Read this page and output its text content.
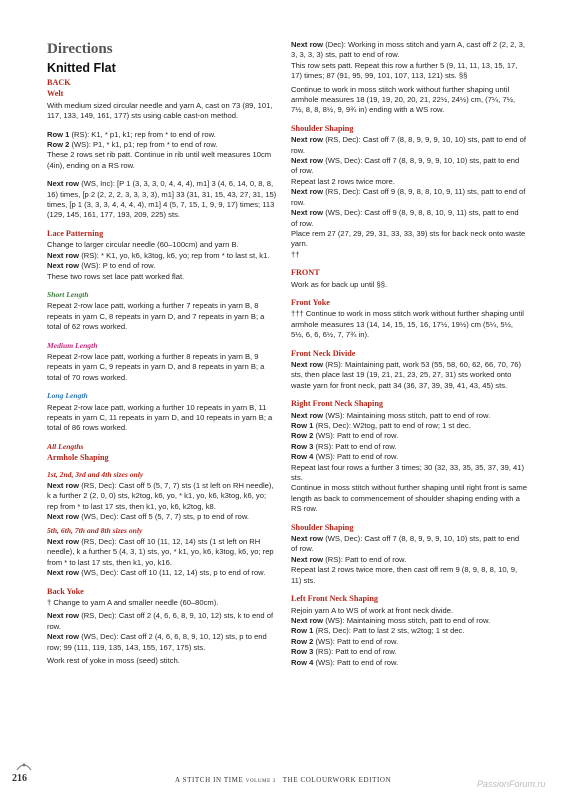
Directions
Knitted Flat
BACK
Welt

With medium sized circular needle and yarn A, cast on 73 (89, 101, 117, 133, 149, 161, 177) sts using cable cast-on method.

Row 1 (RS): K1, * p1, k1; rep from * to end of row.

Row 2 (WS): P1, * k1, p1; rep from * to end of row.

These 2 rows set rib patt. Continue in rib until welt measures 10cm (4in), ending on a RS row.

Next row (WS, Inc): [P 1 (3, 3, 3, 0, 4, 4, 4), m1] 3 (4, 6, 14, 0, 8, 8, 16) times, [p 2 (2, 2, 2, 3, 3, 3, 3), m1] 33 (31, 31, 15, 43, 27, 31, 15) times, [p 1 (3, 3, 3, 4, 4, 4, 4), m1] 4 (5, 7, 15, 1, 9, 9, 17) times; 113 (129, 145, 161, 177, 193, 209, 225) sts.

Lace Patterning

Change to larger circular needle (60–100cm) and yarn B.

Next row (RS): * K1, yo, k6, k3tog, k6, yo; rep from * to last st, k1.

Next row (WS): P to end of row.

These two rows set lace patt worked flat.

Short Length

Repeat 2-row lace patt, working a further 7 repeats in yarn B, 8 repeats in yarn C, 8 repeats in yarn D, and 7 repeats in yarn B; a total of 62 rows worked.

Medium Length

Repeat 2-row lace patt, working a further 8 repeats in yarn B, 9 repeats in yarn C, 9 repeats in yarn D, and 8 repeats in yarn B; a total of 70 rows worked.

Long Length

Repeat 2-row lace patt, working a further 10 repeats in yarn B, 11 repeats in yarn C, 11 repeats in yarn D, and 10 repeats in yarn B; a total of 86 rows worked.

All Lengths
Armhole Shaping
1st, 2nd, 3rd and 4th sizes only

Next row (RS, Dec): Cast off 5 (5, 7, 7) sts (1 st left on RH needle), k a further 2 (2, 0, 0) sts, k2tog, k6, yo, * k1, yo, k6, k3tog, k6, yo; rep from * to last 17 sts, then k1, yo, k6, k2tog, k8.

Next row (WS, Dec): Cast off 5 (5, 7, 7) sts, p to end of row.

5th, 6th, 7th and 8th sizes only

Next row (RS, Dec): Cast off 10 (11, 12, 14) sts (1 st left on RH needle), k a further 5 (4, 3, 1) sts, yo, * k1, yo, k6, k3tog, k6, yo; rep from * to last 17 sts, then k1, yo, k16.

Next row (WS, Dec): Cast off 10 (11, 12, 14) sts, p to end of row.

Back Yoke

† Change to yarn A and smaller needle (60–80cm).

Next row (RS, Dec): Cast off 2 (4, 6, 6, 8, 9, 10, 12) sts, k to end of row.

Next row (WS, Dec): Cast off 2 (4, 6, 6, 8, 9, 10, 12) sts, p to end row; 99 (111, 119, 135, 143, 155, 167, 175) sts.

Work rest of yoke in moss (seed) stitch.

Next row (Dec): Working in moss stitch and yarn A, cast off 2 (2, 2, 3, 3, 3, 3, 3) sts, patt to end of row.

This row sets patt. Repeat this row a further 5 (9, 11, 11, 13, 15, 17, 17) times; 87 (91, 95, 99, 101, 107, 113, 121) sts. §§

Continue to work in moss stitch work without further shaping until armhole measures 18 (19, 19, 20, 20, 21, 22½, 24½) cm, (7¼, 7½, 7½, 8, 8, 8½, 9, 9¾ in) ending with a WS row.

Shoulder Shaping

Next row (RS, Dec): Cast off 7 (8, 8, 9, 9, 9, 10, 10) sts, patt to end of row.

Next row (WS, Dec): Cast off 7 (8, 8, 9, 9, 9, 10, 10) sts, patt to end of row.

Repeat last 2 rows twice more.

Next row (RS, Dec): Cast off 9 (8, 9, 8, 8, 10, 9, 11) sts, patt to end of row.

Next row (WS, Dec): Cast off 9 (8, 9, 8, 8, 10, 9, 11) sts, patt to end of row.

Place rem 27 (27, 29, 29, 31, 33, 33, 39) sts for back neck onto waste yarn.

††

FRONT

Work as for back up until §§.

Front Yoke

††† Continue to work in moss stitch work without further shaping until armhole measures 13 (14, 14, 15, 15, 16, 17½, 19½) cm (5¼, 5½, 5½, 6, 6, 6½, 7, 7¾ in).

Front Neck Divide

Next row (RS): Maintaining patt, work 53 (55, 58, 60, 62, 66, 70, 76) sts, then place last 19 (19, 21, 21, 23, 25, 27, 31) sts worked onto waste yarn for front neck, patt 34 (36, 37, 39, 39, 41, 43, 45) sts.

Right Front Neck Shaping

Next row (WS): Maintaining moss stitch, patt to end of row.

Row 1 (RS, Dec): W2tog, patt to end of row; 1 st dec.

Row 2 (WS): Patt to end of row.

Row 3 (RS): Patt to end of row.

Row 4 (WS): Patt to end of row.

Repeat last four rows a further 3 times; 30 (32, 33, 35, 35, 37, 39, 41) sts.

Continue in moss stitch without further shaping until right front is same length as back to commencement of shoulder shaping ending with a RS row.

Shoulder Shaping

Next row (WS, Dec): Cast off 7 (8, 8, 9, 9, 9, 10, 10) sts, patt to end of row.

Next row (RS): Patt to end of row.

Repeat last 2 rows twice more, then cast off rem 9 (8, 9, 8, 8, 10, 9, 11) sts.

Left Front Neck Shaping

Rejoin yarn A to WS of work at front neck divide.

Next row (WS): Maintaining moss stitch, patt to end of row.

Row 1 (RS, Dec): Patt to last 2 sts, w2tog; 1 st dec.

Row 2 (WS): Patt to end of row.

Row 3 (RS): Patt to end of row.

Row 4 (WS): Patt to end of row.

216	A STITCH IN TIME VOLUME 3 THE COLOURWORK EDITION	PassionForum.ru
